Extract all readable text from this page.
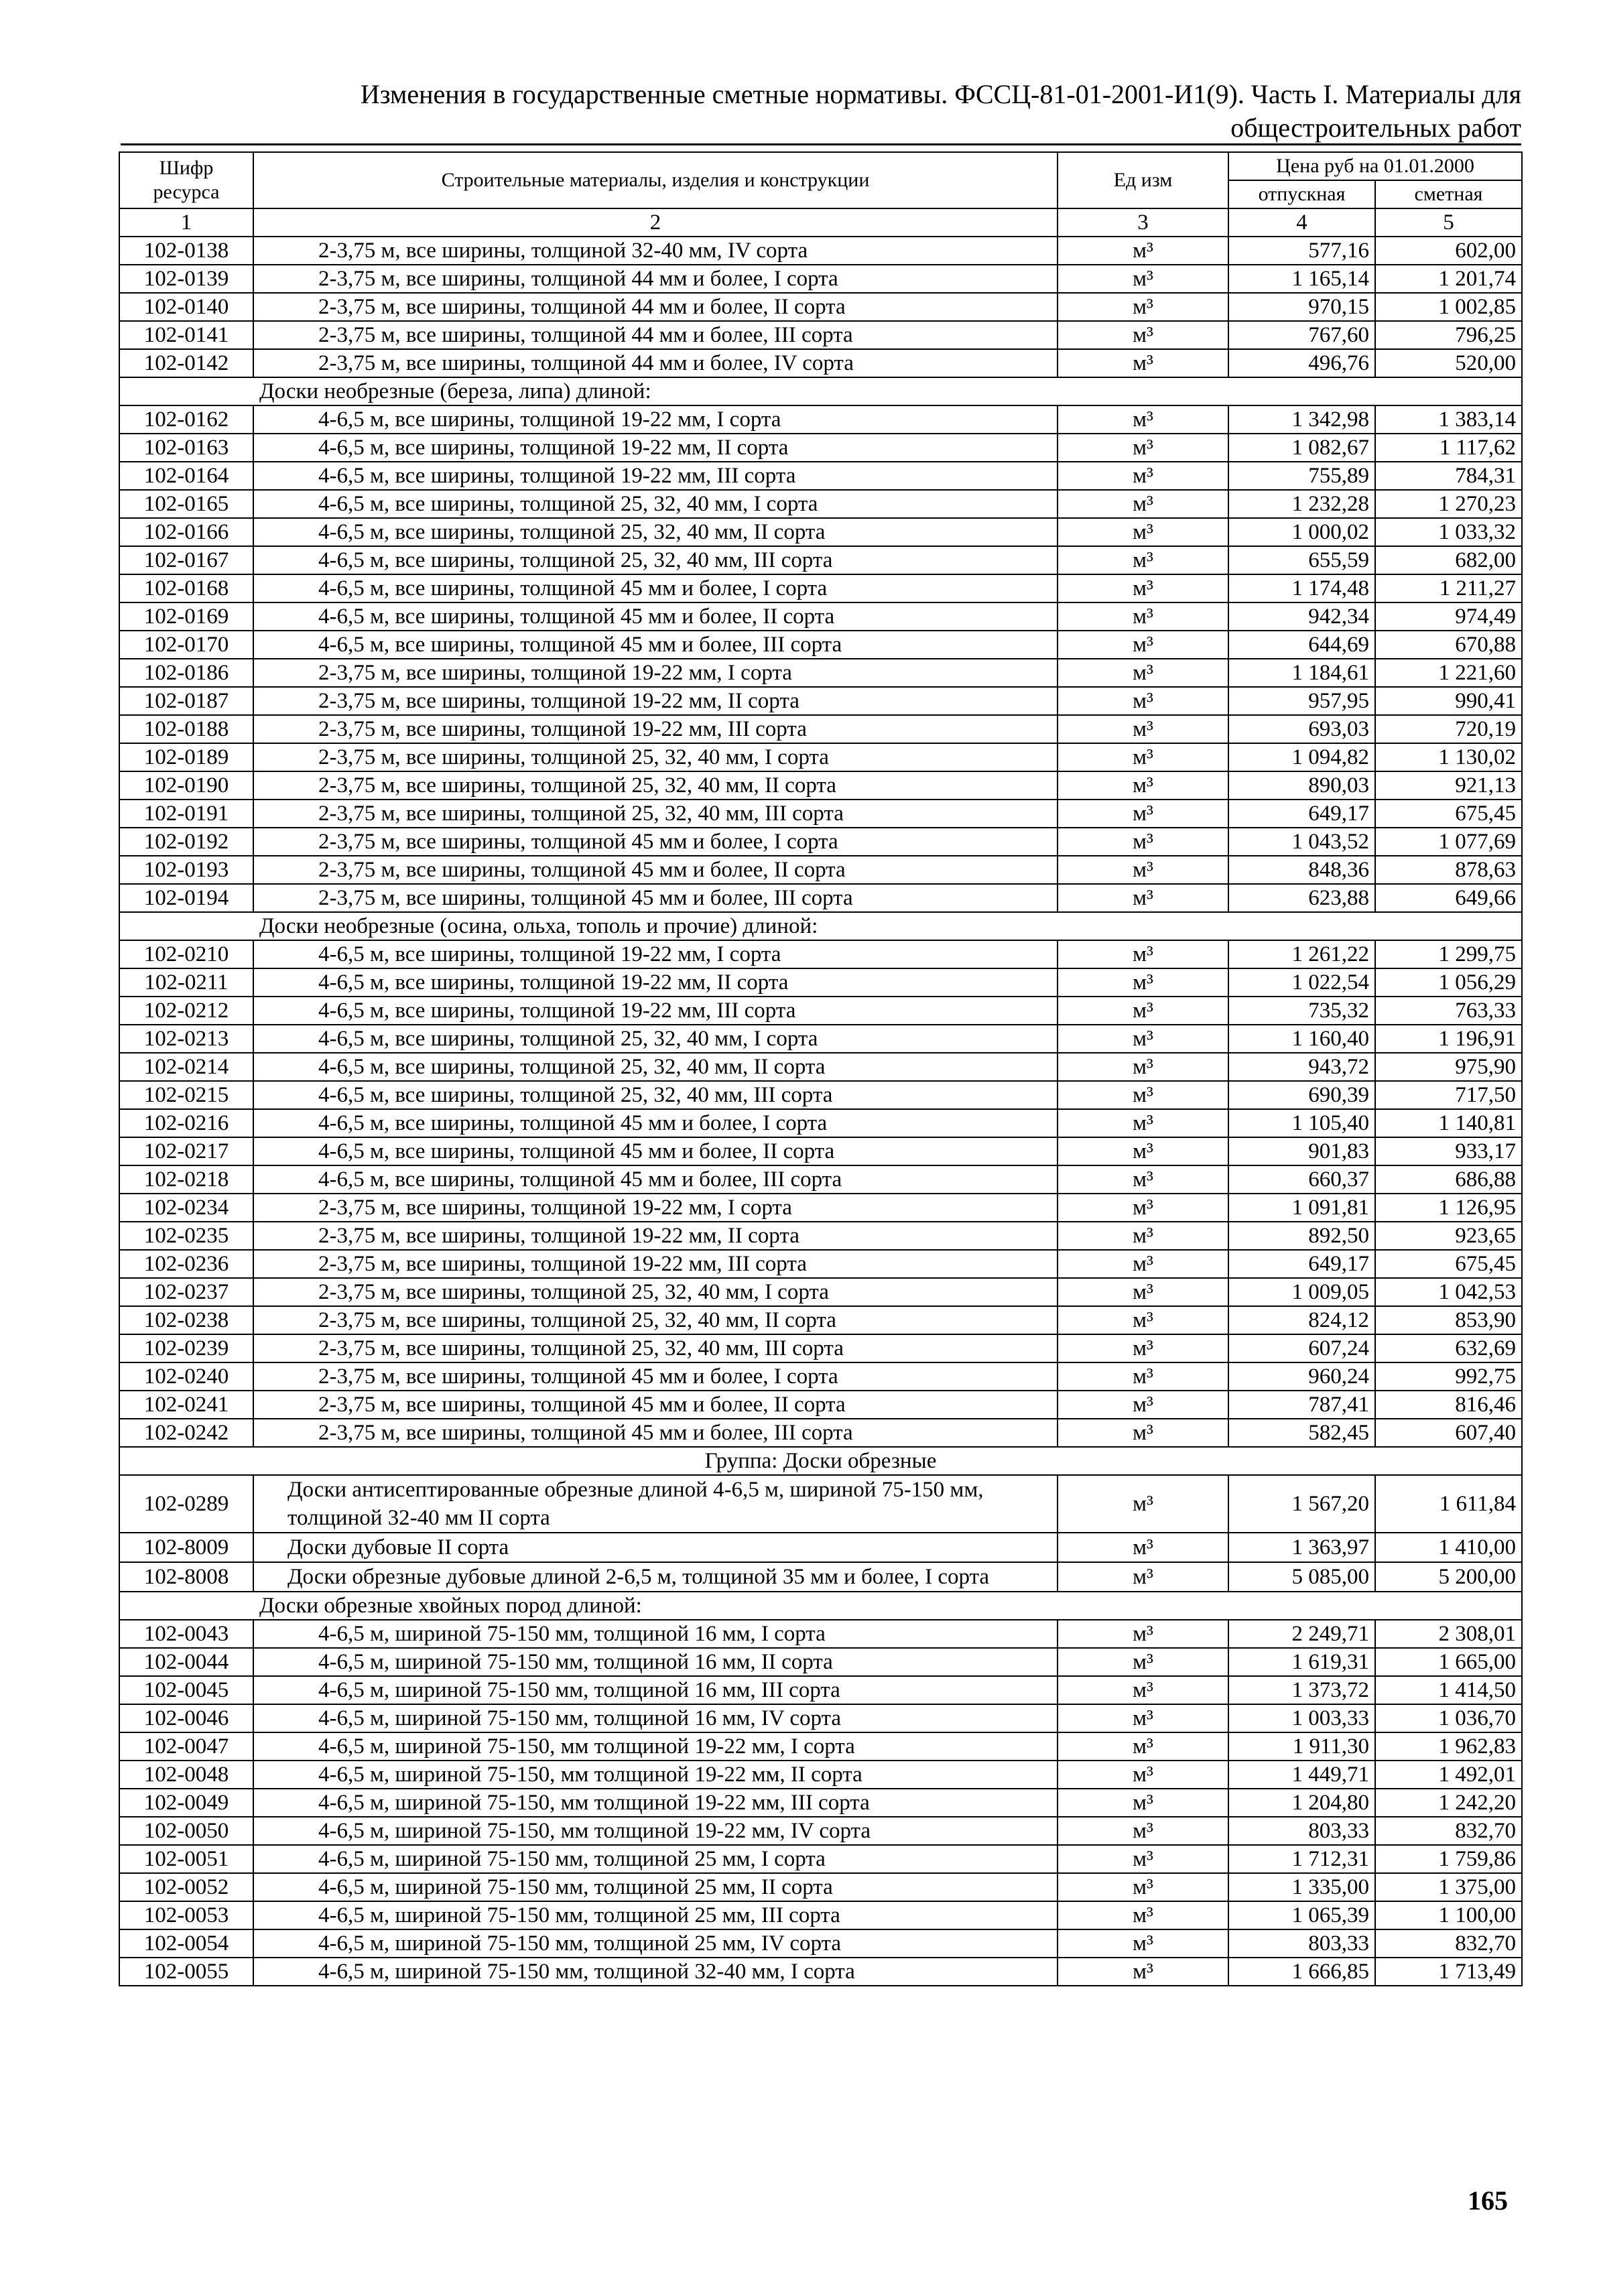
Изменения в государственные сметные нормативы. ФССЦ-81-01-2001-И1(9). Часть I. Материалы для
общестроительных работ
Шифр ресурса	Строительные материалы, изделия и конструкции	Ед изм	Цена руб на 01.01.2000	
			отпускная	сметная
1	2	3	4	5
102-0138	2-3,75 м, все ширины, толщиной 32-40 мм, IV сорта	м³	577,16	602,00
102-0139	2-3,75 м, все ширины, толщиной 44 мм и более, I сорта	м³	1 165,14	1 201,74
102-0140	2-3,75 м, все ширины, толщиной 44 мм и более, II сорта	м³	970,15	1 002,85
102-0141	2-3,75 м, все ширины, толщиной 44 мм и более, III сорта	м³	767,60	796,25
102-0142	2-3,75 м, все ширины, толщиной 44 мм и более, IV сорта	м³	496,76	520,00
Доски необрезные (береза, липа) длиной:				
102-0162	4-6,5 м, все ширины, толщиной 19-22 мм, I сорта	м³	1 342,98	1 383,14
102-0163	4-6,5 м, все ширины, толщиной 19-22 мм, II сорта	м³	1 082,67	1 117,62
102-0164	4-6,5 м, все ширины, толщиной 19-22 мм, III сорта	м³	755,89	784,31
102-0165	4-6,5 м, все ширины, толщиной 25, 32, 40 мм, I сорта	м³	1 232,28	1 270,23
102-0166	4-6,5 м, все ширины, толщиной 25, 32, 40 мм, II сорта	м³	1 000,02	1 033,32
102-0167	4-6,5 м, все ширины, толщиной 25, 32, 40 мм, III сорта	м³	655,59	682,00
102-0168	4-6,5 м, все ширины, толщиной 45 мм и более, I сорта	м³	1 174,48	1 211,27
102-0169	4-6,5 м, все ширины, толщиной 45 мм и более, II сорта	м³	942,34	974,49
102-0170	4-6,5 м, все ширины, толщиной 45 мм и более, III сорта	м³	644,69	670,88
102-0186	2-3,75 м, все ширины, толщиной 19-22 мм, I сорта	м³	1 184,61	1 221,60
102-0187	2-3,75 м, все ширины, толщиной 19-22 мм, II сорта	м³	957,95	990,41
102-0188	2-3,75 м, все ширины, толщиной 19-22 мм, III сорта	м³	693,03	720,19
102-0189	2-3,75 м, все ширины, толщиной 25, 32, 40 мм, I сорта	м³	1 094,82	1 130,02
102-0190	2-3,75 м, все ширины, толщиной 25, 32, 40 мм, II сорта	м³	890,03	921,13
102-0191	2-3,75 м, все ширины, толщиной 25, 32, 40 мм, III сорта	м³	649,17	675,45
102-0192	2-3,75 м, все ширины, толщиной 45 мм и более, I сорта	м³	1 043,52	1 077,69
102-0193	2-3,75 м, все ширины, толщиной 45 мм и более, II сорта	м³	848,36	878,63
102-0194	2-3,75 м, все ширины, толщиной 45 мм и более, III сорта	м³	623,88	649,66
Доски необрезные (осина, ольха, тополь и прочие) длиной:				
102-0210	4-6,5 м, все ширины, толщиной 19-22 мм, I сорта	м³	1 261,22	1 299,75
102-0211	4-6,5 м, все ширины, толщиной 19-22 мм, II сорта	м³	1 022,54	1 056,29
102-0212	4-6,5 м, все ширины, толщиной 19-22 мм, III сорта	м³	735,32	763,33
102-0213	4-6,5 м, все ширины, толщиной 25, 32, 40 мм, I сорта	м³	1 160,40	1 196,91
102-0214	4-6,5 м, все ширины, толщиной 25, 32, 40 мм, II сорта	м³	943,72	975,90
102-0215	4-6,5 м, все ширины, толщиной 25, 32, 40 мм, III сорта	м³	690,39	717,50
102-0216	4-6,5 м, все ширины, толщиной 45 мм и более, I сорта	м³	1 105,40	1 140,81
102-0217	4-6,5 м, все ширины, толщиной 45 мм и более, II сорта	м³	901,83	933,17
102-0218	4-6,5 м, все ширины, толщиной 45 мм и более, III сорта	м³	660,37	686,88
102-0234	2-3,75 м, все ширины, толщиной 19-22 мм, I сорта	м³	1 091,81	1 126,95
102-0235	2-3,75 м, все ширины, толщиной 19-22 мм, II сорта	м³	892,50	923,65
102-0236	2-3,75 м, все ширины, толщиной 19-22 мм, III сорта	м³	649,17	675,45
102-0237	2-3,75 м, все ширины, толщиной 25, 32, 40 мм, I сорта	м³	1 009,05	1 042,53
102-0238	2-3,75 м, все ширины, толщиной 25, 32, 40 мм, II сорта	м³	824,12	853,90
102-0239	2-3,75 м, все ширины, толщиной 25, 32, 40 мм, III сорта	м³	607,24	632,69
102-0240	2-3,75 м, все ширины, толщиной 45 мм и более, I сорта	м³	960,24	992,75
102-0241	2-3,75 м, все ширины, толщиной 45 мм и более, II сорта	м³	787,41	816,46
102-0242	2-3,75 м, все ширины, толщиной 45 мм и более, III сорта	м³	582,45	607,40
Группа: Доски обрезные				
102-0289	Доски антисептированные обрезные длиной 4-6,5 м, шириной 75-150 мм, толщиной 32-40 мм II сорта	м³	1 567,20	1 611,84
102-8009	Доски дубовые II сорта	м³	1 363,97	1 410,00
102-8008	Доски обрезные дубовые длиной 2-6,5 м, толщиной 35 мм и более, I сорта	м³	5 085,00	5 200,00
Доски обрезные хвойных пород длиной:				
102-0043	4-6,5 м, шириной 75-150 мм, толщиной 16 мм, I сорта	м³	2 249,71	2 308,01
102-0044	4-6,5 м, шириной 75-150 мм, толщиной 16 мм, II сорта	м³	1 619,31	1 665,00
102-0045	4-6,5 м, шириной 75-150 мм, толщиной 16 мм, III сорта	м³	1 373,72	1 414,50
102-0046	4-6,5 м, шириной 75-150 мм, толщиной 16 мм, IV сорта	м³	1 003,33	1 036,70
102-0047	4-6,5 м, шириной 75-150, мм толщиной 19-22 мм, I сорта	м³	1 911,30	1 962,83
102-0048	4-6,5 м, шириной 75-150, мм толщиной 19-22 мм, II сорта	м³	1 449,71	1 492,01
102-0049	4-6,5 м, шириной 75-150, мм толщиной 19-22 мм, III сорта	м³	1 204,80	1 242,20
102-0050	4-6,5 м, шириной 75-150, мм толщиной 19-22 мм, IV сорта	м³	803,33	832,70
102-0051	4-6,5 м, шириной 75-150 мм, толщиной 25 мм, I сорта	м³	1 712,31	1 759,86
102-0052	4-6,5 м, шириной 75-150 мм, толщиной 25 мм, II сорта	м³	1 335,00	1 375,00
102-0053	4-6,5 м, шириной 75-150 мм, толщиной 25 мм, III сорта	м³	1 065,39	1 100,00
102-0054	4-6,5 м, шириной 75-150 мм, толщиной 25 мм, IV сорта	м³	803,33	832,70
102-0055	4-6,5 м, шириной 75-150 мм, толщиной 32-40 мм, I сорта	м³	1 666,85	1 713,49
165
